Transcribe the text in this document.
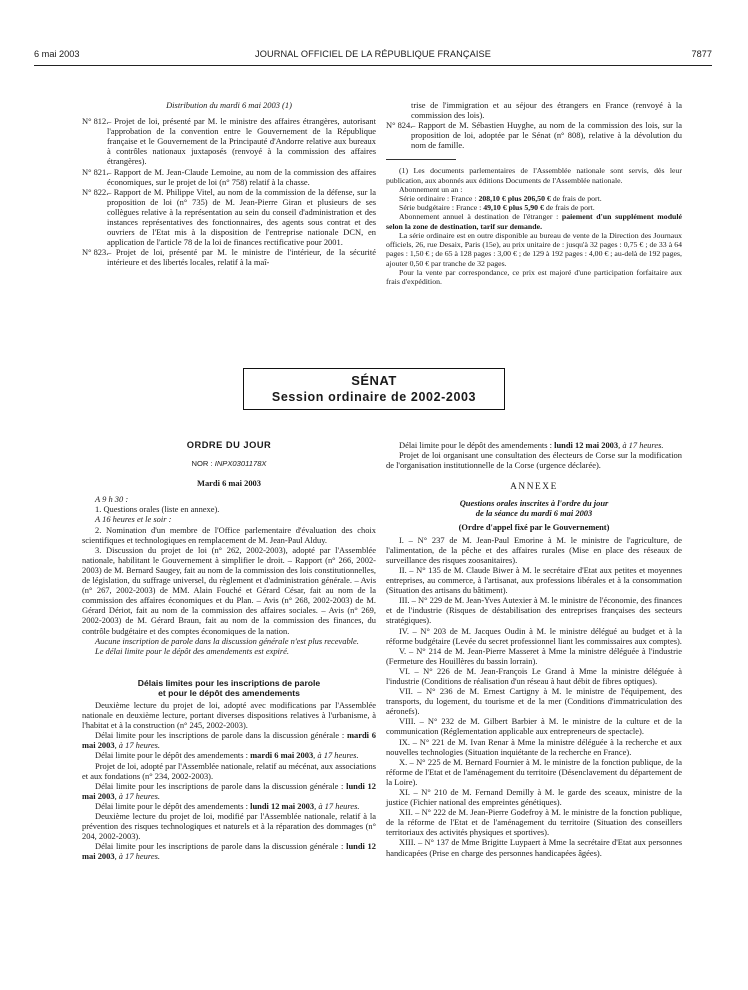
6 mai 2003	JOURNAL OFFICIEL DE LA RÉPUBLIQUE FRANÇAISE	7877

Distribution du mardi 6 mai 2003 (1)

N° 812.
– Projet de loi, présenté par M. le ministre des affaires étrangères, autorisant l'approbation de la convention entre le Gouvernement de la République française et le Gouvernement de la Principauté d'Andorre relative aux bureaux à contrôles nationaux juxtaposés (renvoyé à la commission des affaires étrangères).
N° 821.
– Rapport de M. Jean-Claude Lemoine, au nom de la commission des affaires économiques, sur le projet de loi (n° 758) relatif à la chasse.
N° 822.
– Rapport de M. Philippe Vitel, au nom de la commission de la défense, sur la proposition de loi (n° 735) de M. Jean-Pierre Giran et plusieurs de ses collègues relative à la représentation au sein du conseil d'administration et des instances représentatives des fonctionnaires, des agents sous contrat et des ouvriers de l'Etat mis à la disposition de l'entreprise nationale DCN, en application de l'article 78 de la loi de finances rectificative pour 2001.
N° 823.
– Projet de loi, présenté par M. le ministre de l'intérieur, de la sécurité intérieure et des libertés locales, relatif à la maî-
trise de l'immigration et au séjour des étrangers en France (renvoyé à la commission des lois).
N° 824.
– Rapport de M. Sébastien Huyghe, au nom de la commission des lois, sur la proposition de loi, adoptée par le Sénat (n° 808), relative à la dévolution du nom de famille.

(1) Les documents parlementaires de l'Assemblée nationale sont servis, dès leur publication, aux abonnés aux éditions Documents de l'Assemblée nationale.

Abonnement un an :

Série ordinaire : France : 208,10 € plus 206,50 € de frais de port.

Série budgétaire : France : 49,10 € plus 5,90 € de frais de port.

Abonnement annuel à destination de l'étranger : paiement d'un supplément modulé selon la zone de destination, tarif sur demande.

La série ordinaire est en outre disponible au bureau de vente de la Direction des Journaux officiels, 26, rue Desaix, Paris (15e), au prix unitaire de : jusqu'à 32 pages : 0,75 € ; de 33 à 64 pages : 1,50 € ; de 65 à 128 pages : 3,00 € ; de 129 à 192 pages : 4,00 € ; au-delà de 192 pages, ajouter 0,50 € par tranche de 32 pages.

Pour la vente par correspondance, ce prix est majoré d'une participation forfaitaire aux frais d'expédition.

SÉNAT
Session ordinaire de 2002-2003

ORDRE DU JOUR

NOR : INPX0301178X

Mardi 6 mai 2003

A 9 h 30 :

1. Questions orales (liste en annexe).

A 16 heures et le soir :

2. Nomination d'un membre de l'Office parlementaire d'évaluation des choix scientifiques et technologiques en remplacement de M. Jean-Paul Alduy.

3. Discussion du projet de loi (n° 262, 2002-2003), adopté par l'Assemblée nationale, habilitant le Gouvernement à simplifier le droit. – Rapport (n° 266, 2002-2003) de M. Bernard Saugey, fait au nom de la commission des lois constitutionnelles, de législation, du suffrage universel, du règlement et d'administration générale. – Avis (n° 267, 2002-2003) de MM. Alain Fouché et Gérard César, fait au nom de la commission des affaires économiques et du Plan. – Avis (n° 268, 2002-2003) de M. Gérard Dériot, fait au nom de la commission des affaires sociales. – Avis (n° 269, 2002-2003) de M. Gérard Braun, fait au nom de la commission des finances, du contrôle budgétaire et des comptes économiques de la nation.

Aucune inscription de parole dans la discussion générale n'est plus recevable.

Le délai limite pour le dépôt des amendements est expiré.

Délais limites pour les inscriptions de parole

et pour le dépôt des amendements

Deuxième lecture du projet de loi, adopté avec modifications par l'Assemblée nationale en deuxième lecture, portant diverses dispositions relatives à l'urbanisme, à l'habitat et à la construction (n° 245, 2002-2003).

Délai limite pour les inscriptions de parole dans la discussion générale : mardi 6 mai 2003, à 17 heures.

Délai limite pour le dépôt des amendements : mardi 6 mai 2003, à 17 heures.

Projet de loi, adopté par l'Assemblée nationale, relatif au mécénat, aux associations et aux fondations (n° 234, 2002-2003).

Délai limite pour les inscriptions de parole dans la discussion générale : lundi 12 mai 2003, à 17 heures.

Délai limite pour le dépôt des amendements : lundi 12 mai 2003, à 17 heures.

Deuxième lecture du projet de loi, modifié par l'Assemblée nationale, relatif à la prévention des risques technologiques et naturels et à la réparation des dommages (n° 204, 2002-2003).

Délai limite pour les inscriptions de parole dans la discussion générale : lundi 12 mai 2003, à 17 heures.

Délai limite pour le dépôt des amendements : lundi 12 mai 2003, à 17 heures.

Projet de loi organisant une consultation des électeurs de Corse sur la modification de l'organisation institutionnelle de la Corse (urgence déclarée).

ANNEXE

Questions orales inscrites à l'ordre du jour

de la séance du mardi 6 mai 2003

(Ordre d'appel fixé par le Gouvernement)

I. – N° 237 de M. Jean-Paul Emorine à M. le ministre de l'agriculture, de l'alimentation, de la pêche et des affaires rurales (Mise en place des réseaux de surveillance des risques zoosanitaires).

II. – N° 135 de M. Claude Biwer à M. le secrétaire d'Etat aux petites et moyennes entreprises, au commerce, à l'artisanat, aux professions libérales et à la consommation (Situation des artisans du bâtiment).

III. – N° 229 de M. Jean-Yves Autexier à M. le ministre de l'économie, des finances et de l'industrie (Risques de déstabilisation des entreprises françaises des secteurs stratégiques).

IV. – N° 203 de M. Jacques Oudin à M. le ministre délégué au budget et à la réforme budgétaire (Levée du secret professionnel liant les commissaires aux comptes).

V. – N° 214 de M. Jean-Pierre Masseret à Mme la ministre déléguée à l'industrie (Fermeture des Houillères du bassin lorrain).

VI. – N° 226 de M. Jean-François Le Grand à Mme la ministre déléguée à l'industrie (Conditions de réalisation d'un réseau à haut débit de fibres optiques).

VII. – N° 236 de M. Ernest Cartigny à M. le ministre de l'équipement, des transports, du logement, du tourisme et de la mer (Conditions d'immatriculation des aéronefs).

VIII. – N° 232 de M. Gilbert Barbier à M. le ministre de la culture et de la communication (Réglementation applicable aux entrepreneurs de spectacle).

IX. – N° 221 de M. Ivan Renar à Mme la ministre déléguée à la recherche et aux nouvelles technologies (Situation inquiétante de la recherche en France).

X. – N° 225 de M. Bernard Fournier à M. le ministre de la fonction publique, de la réforme de l'Etat et de l'aménagement du territoire (Désenclavement du département de la Loire).

XI. – N° 210 de M. Fernand Demilly à M. le garde des sceaux, ministre de la justice (Fichier national des empreintes génétiques).

XII. – N° 222 de M. Jean-Pierre Godefroy à M. le ministre de la fonction publique, de la réforme de l'Etat et de l'aménagement du territoire (Situation des conseillers territoriaux des activités physiques et sportives).

XIII. – N° 137 de Mme Brigitte Luypaert à Mme la secrétaire d'Etat aux personnes handicapées (Prise en charge des personnes handicapées âgées).
